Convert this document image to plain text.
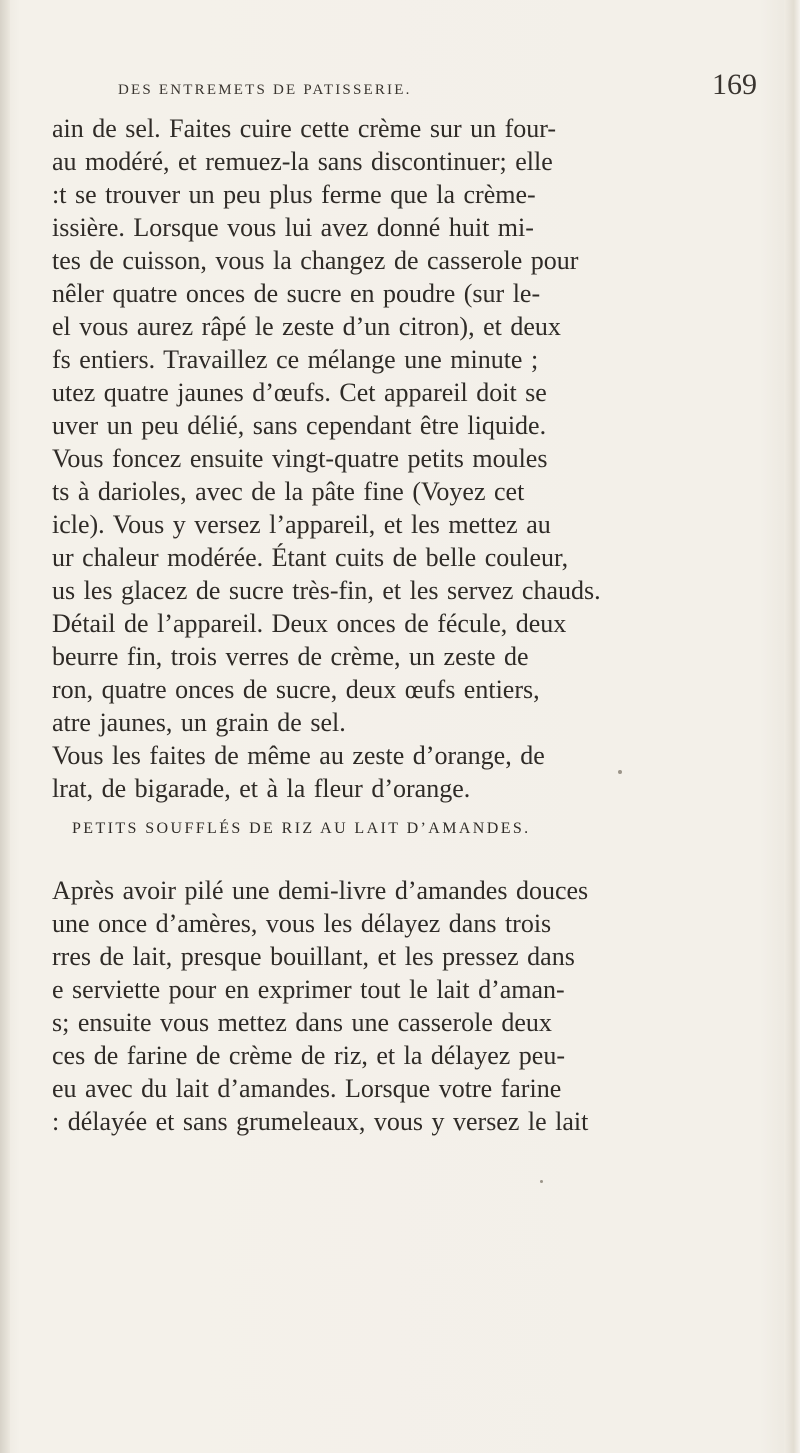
DES ENTREMETS DE PATISSERIE.	169
ain de sel. Faites cuire cette crème sur un four-
au modéré, et remuez-la sans discontinuer; elle
:t se trouver un peu plus ferme que la crème-
issière. Lorsque vous lui avez donné huit mi-
tes de cuisson, vous la changez de casserole pour
nêler quatre onces de sucre en poudre (sur le-
el vous aurez râpé le zeste d’un citron), et deux
fs entiers. Travaillez ce mélange une minute ;
utez quatre jaunes d’œufs. Cet appareil doit se
uver un peu délié, sans cependant être liquide.
Vous foncez ensuite vingt-quatre petits moules
ts à darioles, avec de la pâte fine (Voyez cet
icle). Vous y versez l’appareil, et les mettez au
ur chaleur modérée. Étant cuits de belle couleur,
us les glacez de sucre très-fin, et les servez chauds.
Détail de l’appareil. Deux onces de fécule, deux
beurre fin, trois verres de crème, un zeste de
ron, quatre onces de sucre, deux œufs entiers,
atre jaunes, un grain de sel.
Vous les faites de même au zeste d’orange, de
lrat, de bigarade, et à la fleur d’orange.
PETITS SOUFFLÉS DE RIZ AU LAIT D’AMANDES.
Après avoir pilé une demi-livre d’amandes douces
une once d’amères, vous les délayez dans trois
rres de lait, presque bouillant, et les pressez dans
e serviette pour en exprimer tout le lait d’aman-
s; ensuite vous mettez dans une casserole deux
ces de farine de crème de riz, et la délayez peu-
eu avec du lait d’amandes. Lorsque votre farine
: délayée et sans grumeleaux, vous y versez le lait
